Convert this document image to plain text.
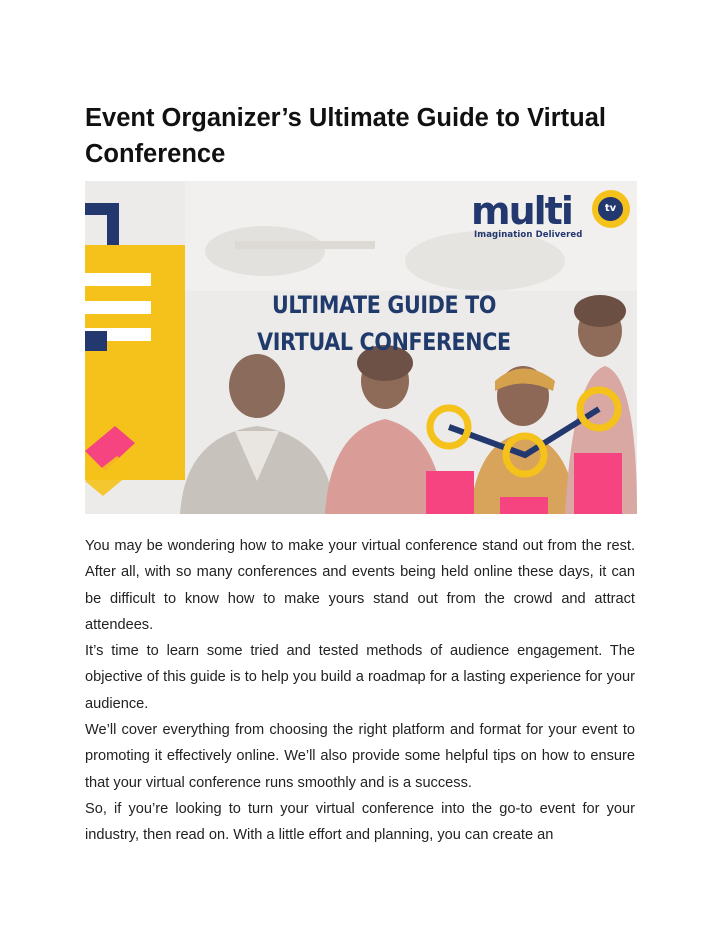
Event Organizer’s Ultimate Guide to Virtual Conference
multi	tv
Imagination Delivered
ULTIMATE GUIDE TO VIRTUAL CONFERENCE

You may be wondering how to make your virtual conference stand out from the rest. After all, with so many conferences and events being held online these days, it can be difficult to know how to make yours stand out from the crowd and attract attendees.

It’s time to learn some tried and tested methods of audience engagement. The objective of this guide is to help you build a roadmap for a lasting experience for your audience.

We’ll cover everything from choosing the right platform and format for your event to promoting it effectively online. We’ll also provide some helpful tips on how to ensure that your virtual conference runs smoothly and is a success.

So, if you’re looking to turn your virtual conference into the go-to event for your industry, then read on. With a little effort and planning, you can create an
